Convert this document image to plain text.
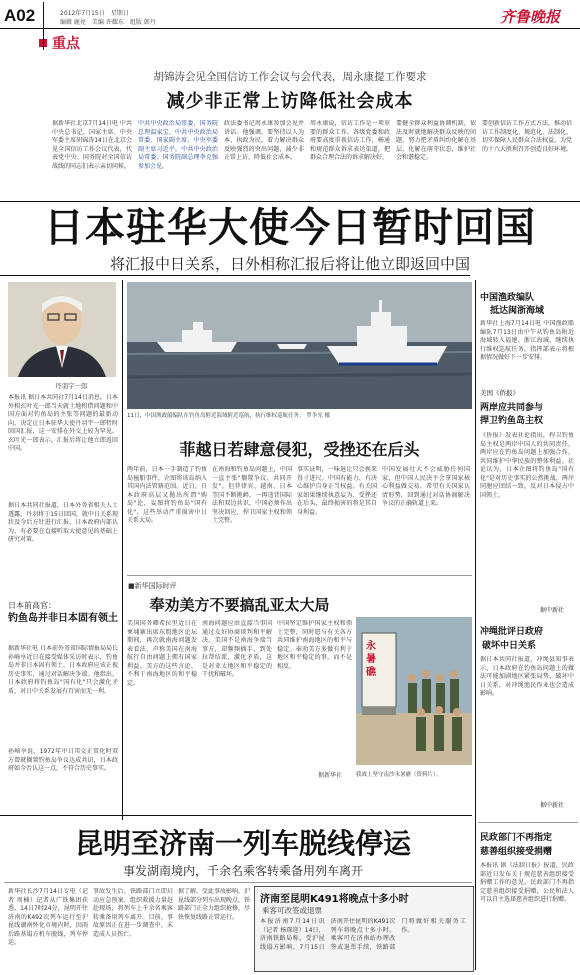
A02	2012年7月15日　星期日
编辑 鹿亮　美编 许耀东　组版 韩丹	齐鲁晚报
重点
胡锦涛会见全国信访工作会议与会代表，周永康提工作要求
减少非正常上访降低社会成本
据新华社北京7月14日电 中共中央总书记、国家主席、中央军委主席胡锦涛14日在北京会见全国信访工作会议代表，代表党中央、国务院对全国信访战线的同志们表示亲切问候。
中共中央政治局常委、国务院总理温家宝，中共中央政治局常委、国家副主席、中央军委副主席习近平，中共中央政治局常委、国务院副总理李克强参加会见。
政法委书记周永康参加会见并讲话。他强调，要坚持以人为本、执政为民，着力解决群众反映强烈的突出问题，减少非正常上访，降低社会成本。
周永康说，信访工作是一项重要的群众工作。各级党委和政府要高度重视信访工作，畅通和规范群众诉求表达渠道，把群众合理合法的诉求解决好。
要健全群众利益协调机制，依法及时就地解决群众反映的问题，努力把矛盾纠纷化解在基层、化解在萌芽状态，维护社会和谐稳定。
要创新信访工作方式方法，推动信访工作制度化、规范化、法制化，切实保障人民群众合法权益，为党的十八大胜利召开创造良好环境。
日本驻华大使今日暂时回国
将汇报中日关系，日外相称汇报后将让他立即返回中国
丹羽宇一郎
本报讯 据日本共同社7月14日消息，日本外相玄叶光一郎当天就土地租借问题和中国方面对钓鱼岛的主张等问题的最新动向，决定让日本驻华大使丹羽宇一郎暂时回国汇报，这一安排在外交上较为罕见。玄叶光一郎表示，汇报后将让他立即返回中国。
据日本共同社报道，日本外务省相关人士透露，丹羽将于15日回国，就中日关系现状及今后方针进行汇报。日本政府内部认为，有必要在直接听取大使意见的基础上研究对策。
11日，中国渔政船编队在钓鱼岛附近海域附近巡航，执行维权巡航任务。 罗争光 摄
菲越日若肆意侵犯，受挫还在后头
两年前，日本一手制造了钓鱼岛撞船事件，企图将该岛纳入其国内法管辖范围。近日，日本政府高层又抛出所谓"购岛"论，妄图将钓鱼岛"国有化"。这些举动严重损害中日关系大局。
在南海和钓鱼岛问题上，中国一直主张"搁置争议、共同开发"。但菲律宾、越南、日本等国不断挑衅，一再违背国际法和双边共识，中国必须作出坚决回应，捍卫国家主权和领土完整。
事实证明，一味退让只会换来得寸进尺。中国有能力、有决心维护自身正当权益。有关国家如果继续执意妄为，受挫还在后头，最终损害的将是其自身利益。
中国发展壮大不会威胁任何国家，但中国人民决不会拿国家核心利益做交易。希望有关国家认清形势，回到通过对话协商解决争议的正确轨道上来。
■新华国际时评
奉劝美方不要搞乱亚太大局
美国国务卿希拉里近日在柬埔寨出席东盟地区论坛期间，再次就南海问题发表看法，声称美国在南海航行自由问题上拥有国家利益。美方的这些言论，不利于南海地区的和平稳定。
南海问题应由直接当事国通过友好协商谈判和平解决。美国不是南海争端当事方，却频频插手，到处拉帮结派，激化矛盾，这是对亚太地区和平稳定的干扰和破坏。
中国坚定维护国家主权和领土完整，同时愿与有关各方共同维护南海地区的和平与稳定。奉劝美方多做有利于地区和平稳定的事，而不是相反。
据新华社
永暑礁
我战士坚守南沙永暑礁（资料片）。
日本前高官：
钓鱼岛并非日本固有领土
据新华社电 日本前外务省国际情报局局长孙崎享近日在接受媒体采访时表示，钓鱼岛并非日本固有领土，日本政府应该正视历史事实，通过对话解决争端。他指出，日本政府将钓鱼岛"国有化"只会激化矛盾，对日中关系发展有百害而无一利。
孙崎享说，1972年中日邦交正常化时双方曾就搁置钓鱼岛争议达成共识，日本政府如今否认这一点，不符合历史事实。
中国渔政编队
抵达闽浙海域
新华社上海7月14日电 中国渔政船编队7月13日由中午从钓鱼岛附近海域转入福建、浙江海域，继续执行维权巡航任务，指挥部表示将根据情况做好下一步安排。
美国《侨报》
两岸应共同参与
捍卫钓鱼岛主权
《侨报》发表社论指出，捍卫钓鱼岛主权是两岸中国人的共同责任，两岸应在钓鱼岛问题上加强合作，共同维护中华民族的整体利益。社论认为，日本企图将钓鱼岛"国有化"是对历史事实的公然挑战，两岸同胞应团结一致，反对日本侵占中国领土。
据中新社
冲绳批评日政府
破坏中日关系
据日本共同社报道，冲绳县知事表示，日本政府在钓鱼岛问题上的做法可能加剧地区紧张局势，破坏中日关系，对冲绳渔民作业也会造成影响。
据中新社
民政部门不再指定
慈善组织接受捐赠
本报讯 据《法制日报》报道，民政部近日发布关于规范慈善组织接受捐赠工作的意见，民政部门不再指定慈善组织接受捐赠，公民和法人可以自主选择慈善组织进行捐赠。
昆明至济南一列车脱线停运
事发湖南境内，千余名乘客转乘备用列车离开
新华社长沙7月14日专电（记者 周楠）记者从广铁集团获悉，14日7时24分，昆明开往济南的K492次列车运行至沪昆线湖南怀化市境内时，因雨后路基塌方机车脱线，列车停运。
事故发生后，铁路部门立即启动应急预案，组织救援力量赶赴现场，将列车上千余名乘客转乘备用列车离开。目前，事故原因正在进一步调查中，未造成人员伤亡。
据了解，受此事故影响，沪昆线部分列车出现晚点，铁路部门正全力组织抢修，尽快恢复线路正常运行。
济南至昆明K491将晚点十多小时
乘客可改签或退票
本报济南7月14日讯（记者 杨琛迎）14日，济南铁路局称，受沪昆线塌方影响，7月15日济南开往昆明的K491次列车将晚点十多小时。乘客可在济南站办理改签或退票手续，铁路部门将做好相关服务工作。
